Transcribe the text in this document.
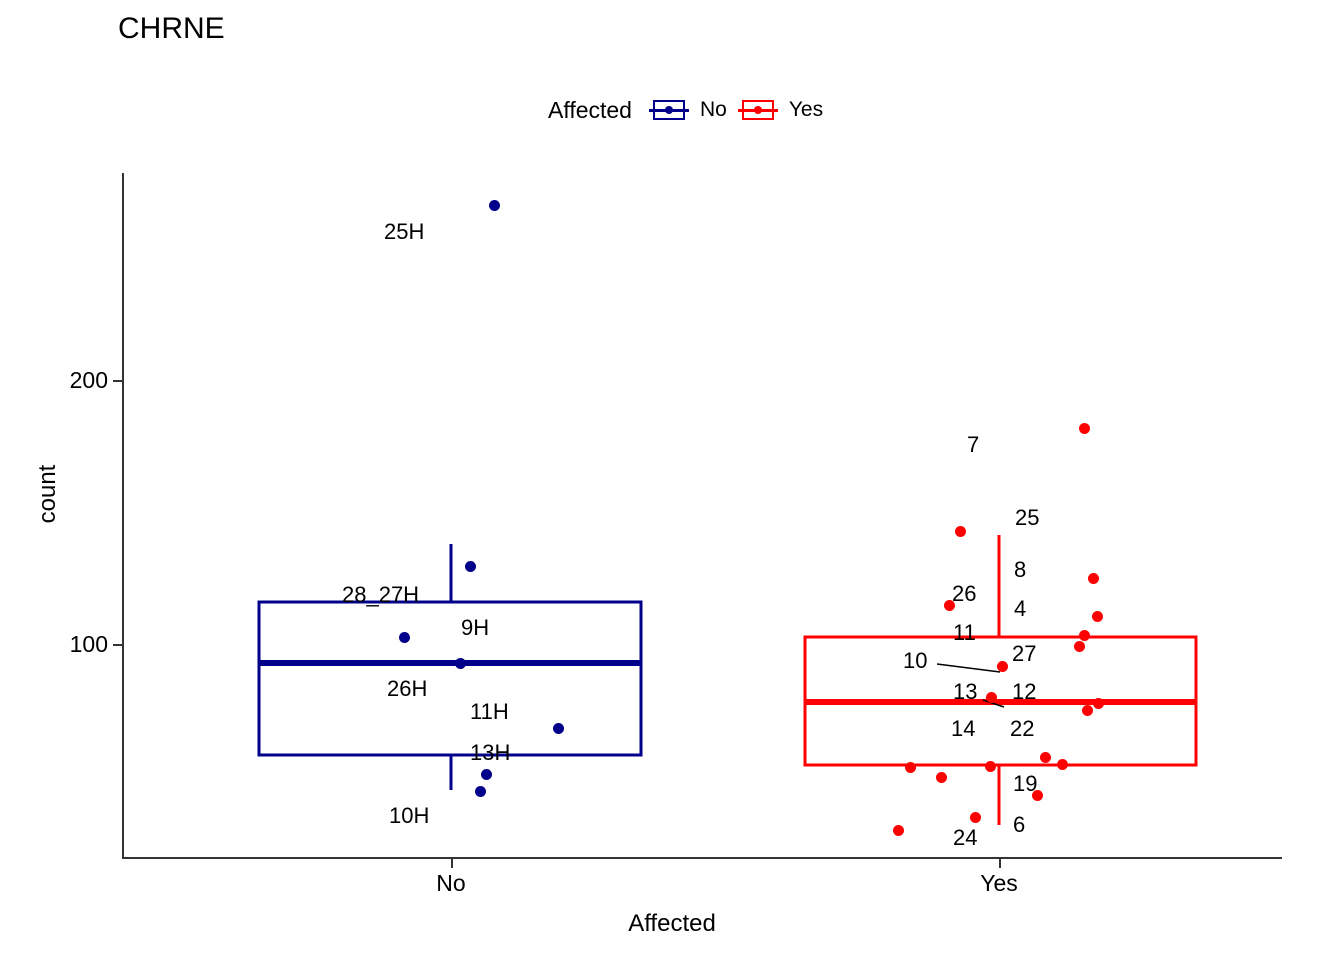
CHRNE
Affected	No	Yes
200
100
No	Yes
count
Affected
25H
28_27H
9H
26H
11H
13H
10H
7
25
8
26
4
11
10	27
13 12
14 22
19
24
6
